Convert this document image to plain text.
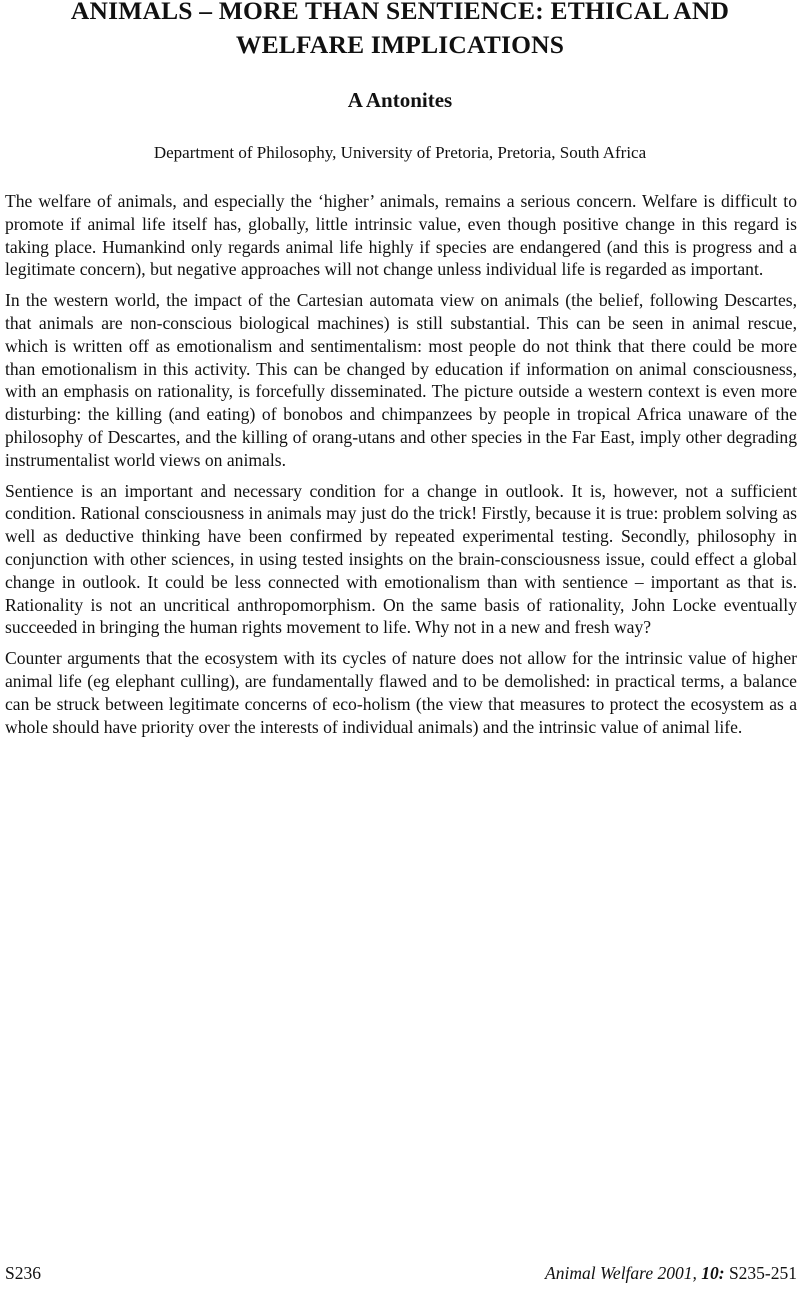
ANIMALS – MORE THAN SENTIENCE: ETHICAL AND
WELFARE IMPLICATIONS

A Antonites

Department of Philosophy, University of Pretoria, Pretoria, South Africa

The welfare of animals, and especially the ‘higher’ animals, remains a serious concern. Welfare is difficult to promote if animal life itself has, globally, little intrinsic value, even though positive change in this regard is taking place. Humankind only regards animal life highly if species are endangered (and this is progress and a legitimate concern), but negative approaches will not change unless individual life is regarded as important.

In the western world, the impact of the Cartesian automata view on animals (the belief, following Descartes, that animals are non-conscious biological machines) is still substantial. This can be seen in animal rescue, which is written off as emotionalism and sentimentalism: most people do not think that there could be more than emotionalism in this activity. This can be changed by education if information on animal consciousness, with an emphasis on rationality, is forcefully disseminated. The picture outside a western context is even more disturbing: the killing (and eating) of bonobos and chimpanzees by people in tropical Africa unaware of the philosophy of Descartes, and the killing of orang-utans and other species in the Far East, imply other degrading instrumentalist world views on animals.

Sentience is an important and necessary condition for a change in outlook. It is, however, not a sufficient condition. Rational consciousness in animals may just do the trick! Firstly, because it is true: problem solving as well as deductive thinking have been confirmed by repeated experimental testing. Secondly, philosophy in conjunction with other sciences, in using tested insights on the brain-consciousness issue, could effect a global change in outlook. It could be less connected with emotionalism than with sentience – important as that is. Rationality is not an uncritical anthropomorphism. On the same basis of rationality, John Locke eventually succeeded in bringing the human rights movement to life. Why not in a new and fresh way?

Counter arguments that the ecosystem with its cycles of nature does not allow for the intrinsic value of higher animal life (eg elephant culling), are fundamentally flawed and to be demolished: in practical terms, a balance can be struck between legitimate concerns of eco-holism (the view that measures to protect the ecosystem as a whole should have priority over the interests of individual animals) and the intrinsic value of animal life.

S236	Animal Welfare 2001, 10: S235-251
